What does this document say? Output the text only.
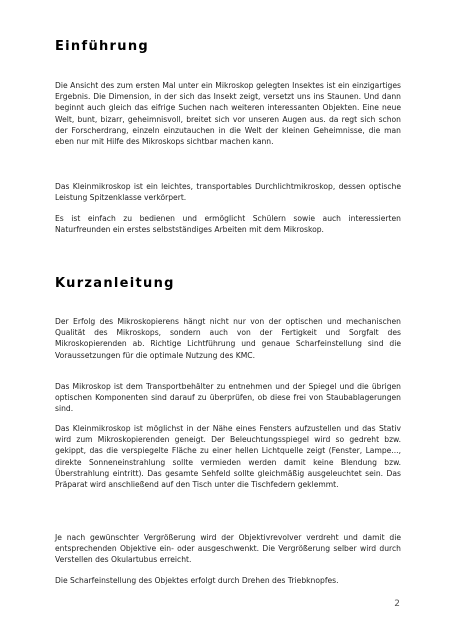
Einführung

Die Ansicht des zum ersten Mal unter ein Mikroskop gelegten Insektes ist ein einzigartiges Ergebnis. Die Dimension, in der sich das Insekt zeigt, versetzt uns ins Staunen. Und dann beginnt auch gleich das eifrige Suchen nach weiteren interessanten Objekten. Eine neue Welt, bunt, bizarr, geheimnisvoll, breitet sich vor unseren Augen aus. da regt sich schon der Forscherdrang, einzeln einzutauchen in die Welt der kleinen Geheimnisse, die man eben nur mit Hilfe des Mikroskops sichtbar machen kann.

Das Kleinmikroskop ist ein leichtes, transportables Durchlichtmikroskop, dessen optische Leistung Spitzenklasse verkörpert.

Es ist einfach zu bedienen und ermöglicht Schülern sowie auch interessierten Naturfreunden ein erstes selbstständiges Arbeiten mit dem Mikroskop.

Kurzanleitung

Der Erfolg des Mikroskopierens hängt nicht nur von der optischen und mechanischen Qualität des Mikroskops, sondern auch von der Fertigkeit und Sorgfalt des Mikroskopierenden ab. Richtige Lichtführung und genaue Scharfeinstellung sind die Voraussetzungen für die optimale Nutzung des KMC.

Das Mikroskop ist dem Transportbehälter zu entnehmen und der Spiegel und die übrigen optischen Komponenten sind darauf zu überprüfen, ob diese frei von Staubablagerungen sind.

Das Kleinmikroskop ist möglichst in der Nähe eines Fensters aufzustellen und das Stativ wird zum Mikroskopierenden geneigt. Der Beleuchtungsspiegel wird so gedreht bzw. gekippt, das die verspiegelte Fläche zu einer hellen Lichtquelle zeigt (Fenster, Lampe..., direkte Sonneneinstrahlung sollte vermieden werden damit keine Blendung bzw. Überstrahlung eintritt). Das gesamte Sehfeld sollte gleichmäßig ausgeleuchtet sein. Das Präparat wird anschließend auf den Tisch unter die Tischfedern geklemmt.

Je nach gewünschter Vergrößerung wird der Objektivrevolver verdreht und damit die entsprechenden Objektive ein- oder ausgeschwenkt. Die Vergrößerung selber wird durch Verstellen des Okulartubus erreicht.

Die Scharfeinstellung des Objektes erfolgt durch Drehen des Triebknopfes.

2
